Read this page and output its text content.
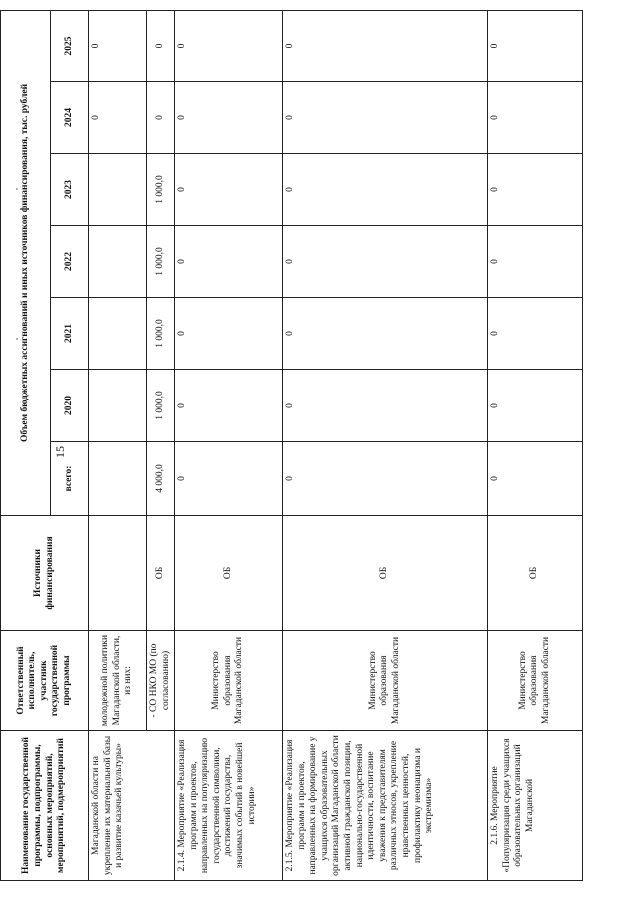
15
Наименование государственной программы, подпрограммы, основных мероприятий, мероприятий, подмероприятий	Ответственный исполнитель, участник государственной программы	Источники финансирования	Объем бюджетных ассигнований и иных источников финансирования, тыс. рублей						
			всего:	2020	2021	2022	2023	2024	2025
Магаданской области на укрепление их материальной базы и развитие казачьей культуры»	молодежной политики Магаданской области, из них:							0	0
	- СО НКО МО (по согласованию)	ОБ	4 000,0	1 000,0	1 000,0	1 000,0	1 000,0	0	0
2.1.4. Мероприятие «Реализация программ и проектов, направленных на популяризацию государственной символики, достижений государства, значимых событий в новейшей истории»	Министерство образования Магаданской области	ОБ	0	0	0	0	0	0	0
2.1.5. Мероприятие «Реализация программ и проектов, направленных на формирование у учащихся образовательных организаций Магаданской области активной гражданской позиции, национально-государственной идентичности, воспитание уважения к представителям различных этносов, укрепление нравственных ценностей, профилактику неонацизма и экстремизма»	Министерство образования Магаданской области	ОБ	0	0	0	0	0	0	0
2.1.6. Мероприятие «Популяризация среди учащихся образовательных организаций Магаданской	Министерство образования Магаданской области	ОБ	0	0	0	0	0	0	0
